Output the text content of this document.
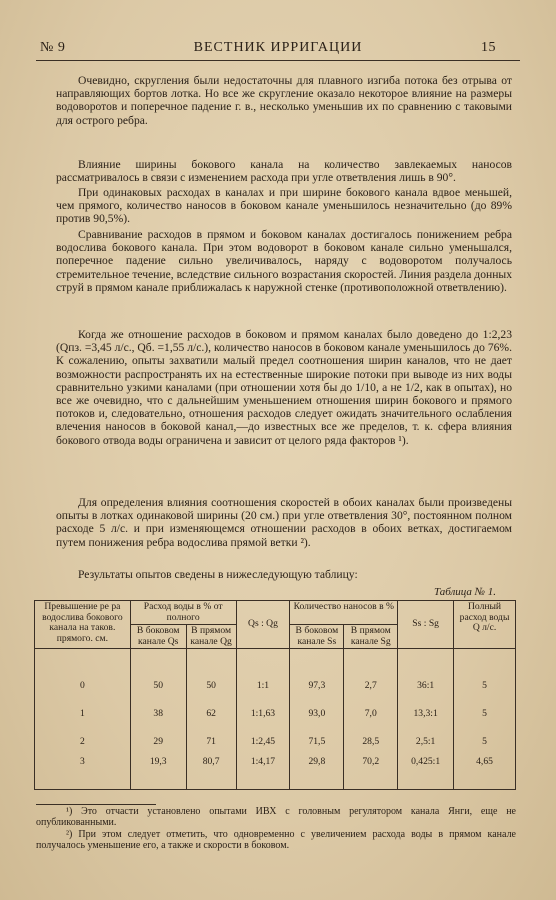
№ 9	ВЕСТНИК ИРРИГАЦИИ	15

Очевидно, скругления были недостаточны для плавного изгиба потока без отрыва от направляющих бортов лотка. Но все же скругление оказало некоторое влияние на размеры водоворотов и поперечное падение г. в., несколько уменьшив их по сравнению с таковыми для острого ребра.

Влияние ширины бокового канала на количество завлекаемых наносов рассматривалось в связи с изменением расхода при угле ответвления лишь в 90°.

При одинаковых расходах в каналах и при ширине бокового канала вдвое меньшей, чем прямого, количество наносов в боковом канале уменьшилось незначительно (до 89% против 90,5%).

Сравнивание расходов в прямом и боковом каналах достигалось понижением ребра водослива бокового канала. При этом водоворот в боковом канале сильно уменьшался, поперечное падение сильно увеличивалось, наряду с водоворотом получалось стремительное течение, вследствие сильного возрастания скоростей. Линия раздела донных струй в прямом канале приближалась к наружной стенке (противоположной ответвлению).

Когда же отношение расходов в боковом и прямом каналах было доведено до 1:2,23 (Qпз. =3,45 л/с., Qб. =1,55 л/с.), количество наносов в боковом канале уменьшилось до 76%. К сожалению, опыты захватили малый предел соотношения ширин каналов, что не дает возможности распространять их на естественные широкие потоки при выводе из них воды сравнительно узкими каналами (при отношении хотя бы до 1/10, а не 1/2, как в опытах), но все же очевидно, что с дальнейшим уменьшением отношения ширин бокового и прямого потоков и, следовательно, отношения расходов следует ожидать значительного ослабления влечения наносов в боковой канал,—до известных все же пределов, т. к. сфера влияния бокового отвода воды ограничена и зависит от целого ряда факторов ¹).

Для определения влияния соотношения скоростей в обоих каналах были произведены опыты в лотках одинаковой ширины (20 см.) при угле ответвления 30°, постоянном полном расходе 5 л/с. и при изменяющемся отношении расходов в обоих ветках, достигаемом путем понижения ребра водослива прямой ветки ²).

Результаты опытов сведены в нижеследующую таблицу:

Таблица № 1.
Превышение ре ра водослива бокового канала на таков. прямого. см.	Расход воды в % от полного		Qs : Qg	Количество наносов в %		Ss : Sg	Полный расход воды Q л/с.
	В боковом канале Qs	В прямом канале Qg		В боковом канале Ss	В прямом канале Sg		

0	50	50	1:1	97,3	2,7	36:1	5
1	38	62	1:1,63	93,0	7,0	13,3:1	5
2	29	71	1:2,45	71,5	28,5	2,5:1	5
3	19,3	80,7	1:4,17	29,8	70,2	0,425:1	4,65

¹) Это отчасти установлено опытами ИВХ с головным регулятором канала Янги, еще не опубликованными.

²) При этом следует отметить, что одновременно с увеличением расхода воды в прямом канале получалось уменьшение его, а также и скорости в боковом.
